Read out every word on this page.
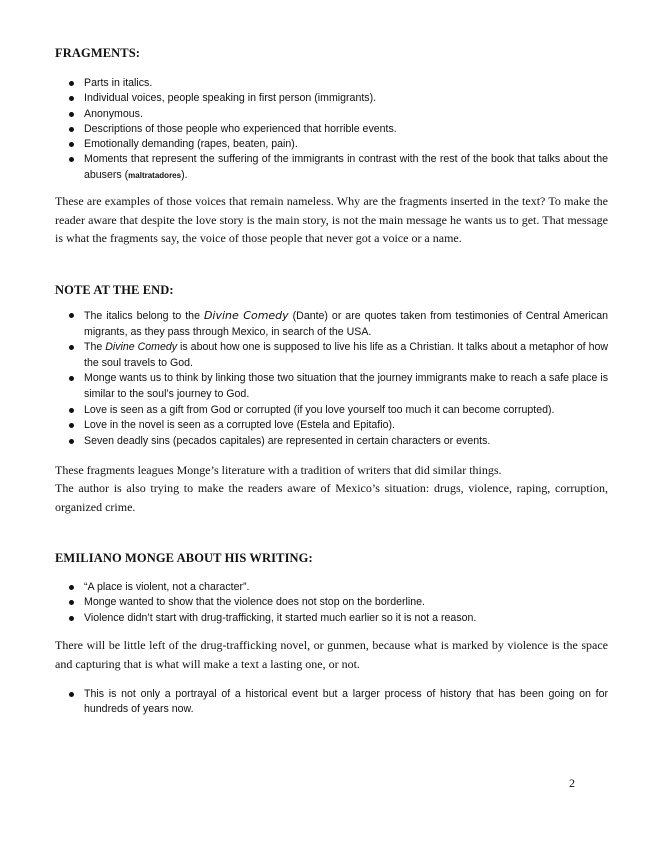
FRAGMENTS:
Parts in italics.
Individual voices, people speaking in first person (immigrants).
Anonymous.
Descriptions of those people who experienced that horrible events.
Emotionally demanding (rapes, beaten, pain).
Moments that represent the suffering of the immigrants in contrast with the rest of the book that talks about the abusers (maltratadores).

These are examples of those voices that remain nameless. Why are the fragments inserted in the text? To make the reader aware that despite the love story is the main story, is not the main message he wants us to get. That message is what the fragments say, the voice of those people that never got a voice or a name.

NOTE AT THE END:
The italics belong to the Divine Comedy (Dante) or are quotes taken from testimonies of Central American migrants, as they pass through Mexico, in search of the USA.
The Divine Comedy is about how one is supposed to live his life as a Christian. It talks about a metaphor of how the soul travels to God.
Monge wants us to think by linking those two situation that the journey immigrants make to reach a safe place is similar to the soul’s journey to God.
Love is seen as a gift from God or corrupted (if you love yourself too much it can become corrupted).
Love in the novel is seen as a corrupted love (Estela and Epitafio).
Seven deadly sins (pecados capitales) are represented in certain characters or events.

These fragments leagues Monge’s literature with a tradition of writers that did similar things.

The author is also trying to make the readers aware of Mexico’s situation: drugs, violence, raping, corruption, organized crime.

EMILIANO MONGE ABOUT HIS WRITING:
“A place is violent, not a character”.
Monge wanted to show that the violence does not stop on the borderline.
Violence didn’t start with drug-trafficking, it started much earlier so it is not a reason.

There will be little left of the drug-trafficking novel, or gunmen, because what is marked by violence is the space and capturing that is what will make a text a lasting one, or not.

This is not only a portrayal of a historical event but a larger process of history that has been going on for hundreds of years now.
2
